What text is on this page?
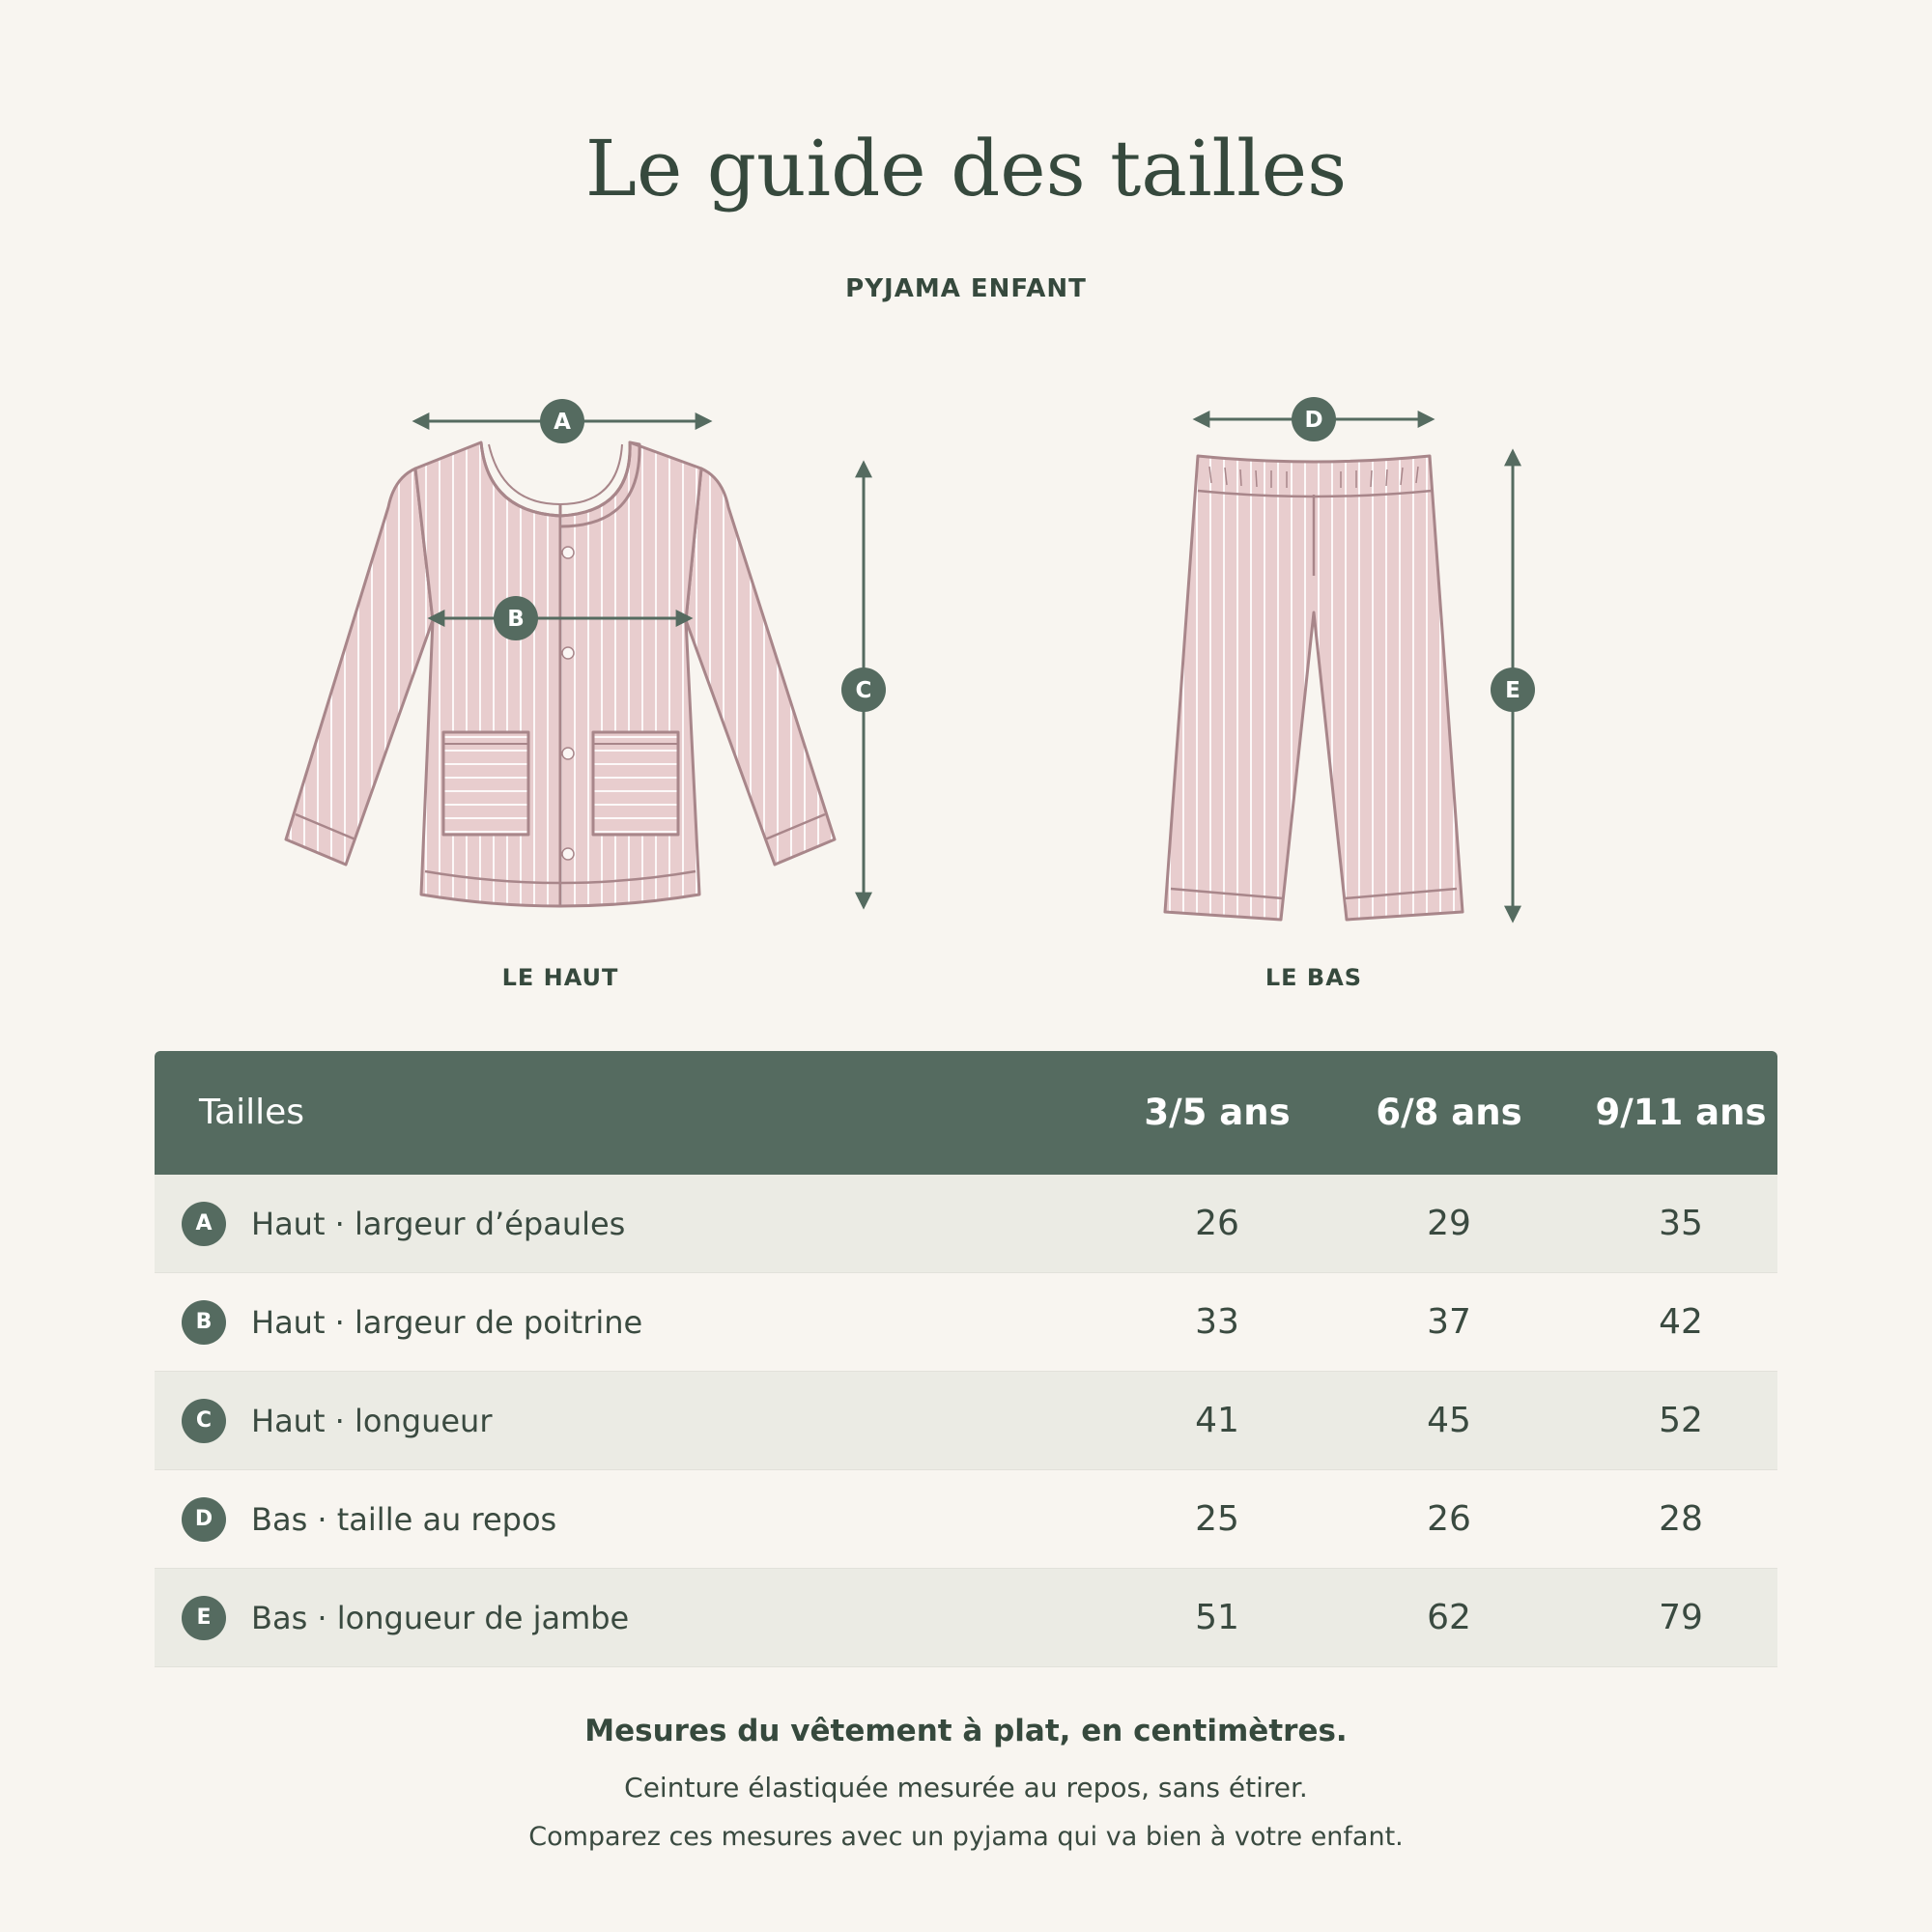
Le guide des tailles
PYJAMA ENFANT
A
B
C
D
E
LE HAUT	LE BAS
Tailles	3/5 ans	6/8 ans	9/11 ans
A	Haut · largeur d’épaules	26	29	35
B	Haut · largeur de poitrine	33	37	42
C	Haut · longueur	41	45	52
D	Bas · taille au repos	25	26	28
E	Bas · longueur de jambe	51	62	79
Mesures du vêtement à plat, en centimètres.
Ceinture élastiquée mesurée au repos, sans étirer.
Comparez ces mesures avec un pyjama qui va bien à votre enfant.
